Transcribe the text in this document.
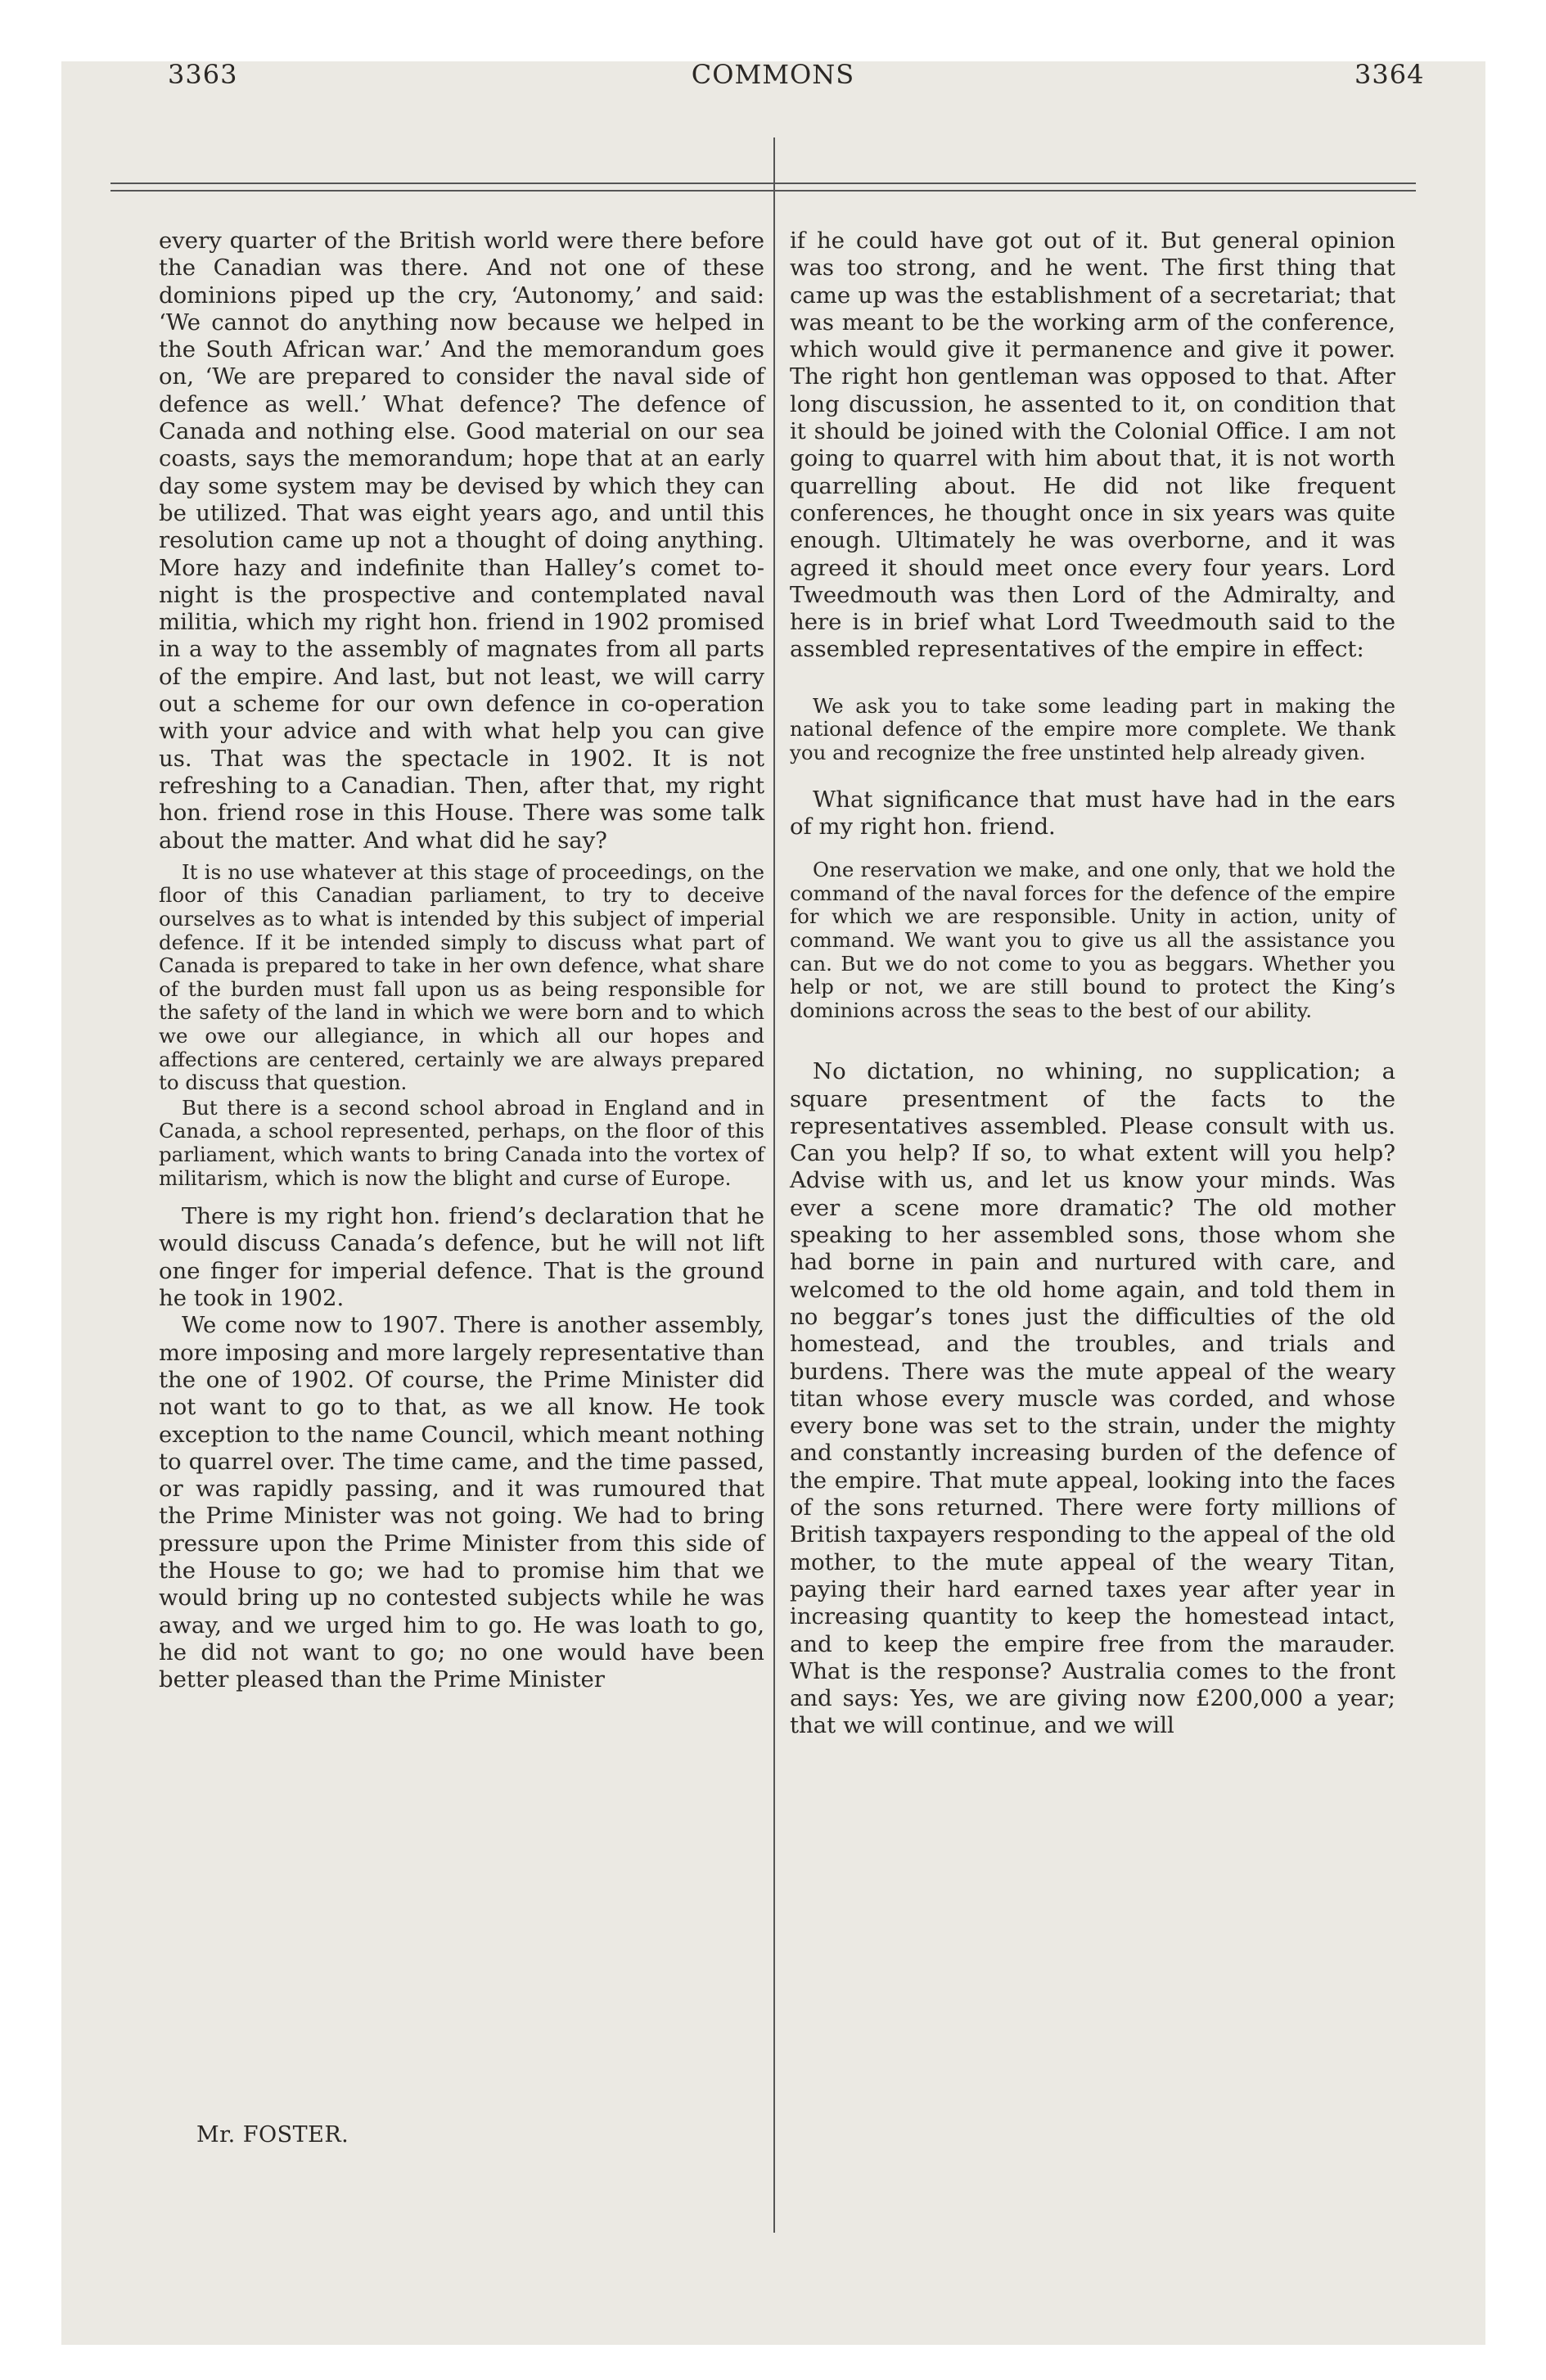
3363	COMMONS	3364

every quarter of the British world were there before the Canadian was there. And not one of these dominions piped up the cry, ‘Autonomy,’ and said: ‘We cannot do anything now because we helped in the South African war.’ And the memorandum goes on, ‘We are prepared to consider the naval side of defence as well.’ What defence? The defence of Canada and nothing else. Good material on our sea coasts, says the memorandum; hope that at an early day some system may be devised by which they can be utilized. That was eight years ago, and until this resolution came up not a thought of doing anything. More hazy and indefinite than Halley’s comet to-night is the prospective and contemplated naval militia, which my right hon. friend in 1902 promised in a way to the assembly of magnates from all parts of the empire. And last, but not least, we will carry out a scheme for our own defence in co-operation with your advice and with what help you can give us. That was the spectacle in 1902. It is not refreshing to a Canadian. Then, after that, my right hon. friend rose in this House. There was some talk about the matter. And what did he say?

It is no use whatever at this stage of proceedings, on the floor of this Canadian parliament, to try to deceive ourselves as to what is intended by this subject of imperial defence. If it be intended simply to discuss what part of Canada is prepared to take in her own defence, what share of the burden must fall upon us as being responsible for the safety of the land in which we were born and to which we owe our allegiance, in which all our hopes and affections are centered, certainly we are always prepared to discuss that question.

But there is a second school abroad in England and in Canada, a school represented, perhaps, on the floor of this parliament, which wants to bring Canada into the vortex of militarism, which is now the blight and curse of Europe.

There is my right hon. friend’s declaration that he would discuss Canada’s defence, but he will not lift one finger for imperial defence. That is the ground he took in 1902.

We come now to 1907. There is another assembly, more imposing and more largely representative than the one of 1902. Of course, the Prime Minister did not want to go to that, as we all know. He took exception to the name Council, which meant nothing to quarrel over. The time came, and the time passed, or was rapidly passing, and it was rumoured that the Prime Minister was not going. We had to bring pressure upon the Prime Minister from this side of the House to go; we had to promise him that we would bring up no contested subjects while he was away, and we urged him to go. He was loath to go, he did not want to go; no one would have been better pleased than the Prime Minister

if he could have got out of it. But general opinion was too strong, and he went. The first thing that came up was the establishment of a secretariat; that was meant to be the working arm of the conference, which would give it permanence and give it power. The right hon gentleman was opposed to that. After long discussion, he assented to it, on condition that it should be joined with the Colonial Office. I am not going to quarrel with him about that, it is not worth quarrelling about. He did not like frequent conferences, he thought once in six years was quite enough. Ultimately he was overborne, and it was agreed it should meet once every four years. Lord Tweedmouth was then Lord of the Admiralty, and here is in brief what Lord Tweedmouth said to the assembled representatives of the empire in effect:

We ask you to take some leading part in making the national defence of the empire more complete. We thank you and recognize the free unstinted help already given.

What significance that must have had in the ears of my right hon. friend.

One reservation we make, and one only, that we hold the command of the naval forces for the defence of the empire for which we are responsible. Unity in action, unity of command. We want you to give us all the assistance you can. But we do not come to you as beggars. Whether you help or not, we are still bound to protect the King’s dominions across the seas to the best of our ability.

No dictation, no whining, no supplication; a square presentment of the facts to the representatives assembled. Please consult with us. Can you help? If so, to what extent will you help? Advise with us, and let us know your minds. Was ever a scene more dramatic? The old mother speaking to her assembled sons, those whom she had borne in pain and nurtured with care, and welcomed to the old home again, and told them in no beggar’s tones just the difficulties of the old homestead, and the troubles, and trials and burdens. There was the mute appeal of the weary titan whose every muscle was corded, and whose every bone was set to the strain, under the mighty and constantly increasing burden of the defence of the empire. That mute appeal, looking into the faces of the sons returned. There were forty millions of British taxpayers responding to the appeal of the old mother, to the mute appeal of the weary Titan, paying their hard earned taxes year after year in increasing quantity to keep the homestead intact, and to keep the empire free from the marauder. What is the response? Australia comes to the front and says: Yes, we are giving now £200,000 a year; that we will continue, and we will

Mr. FOSTER.
